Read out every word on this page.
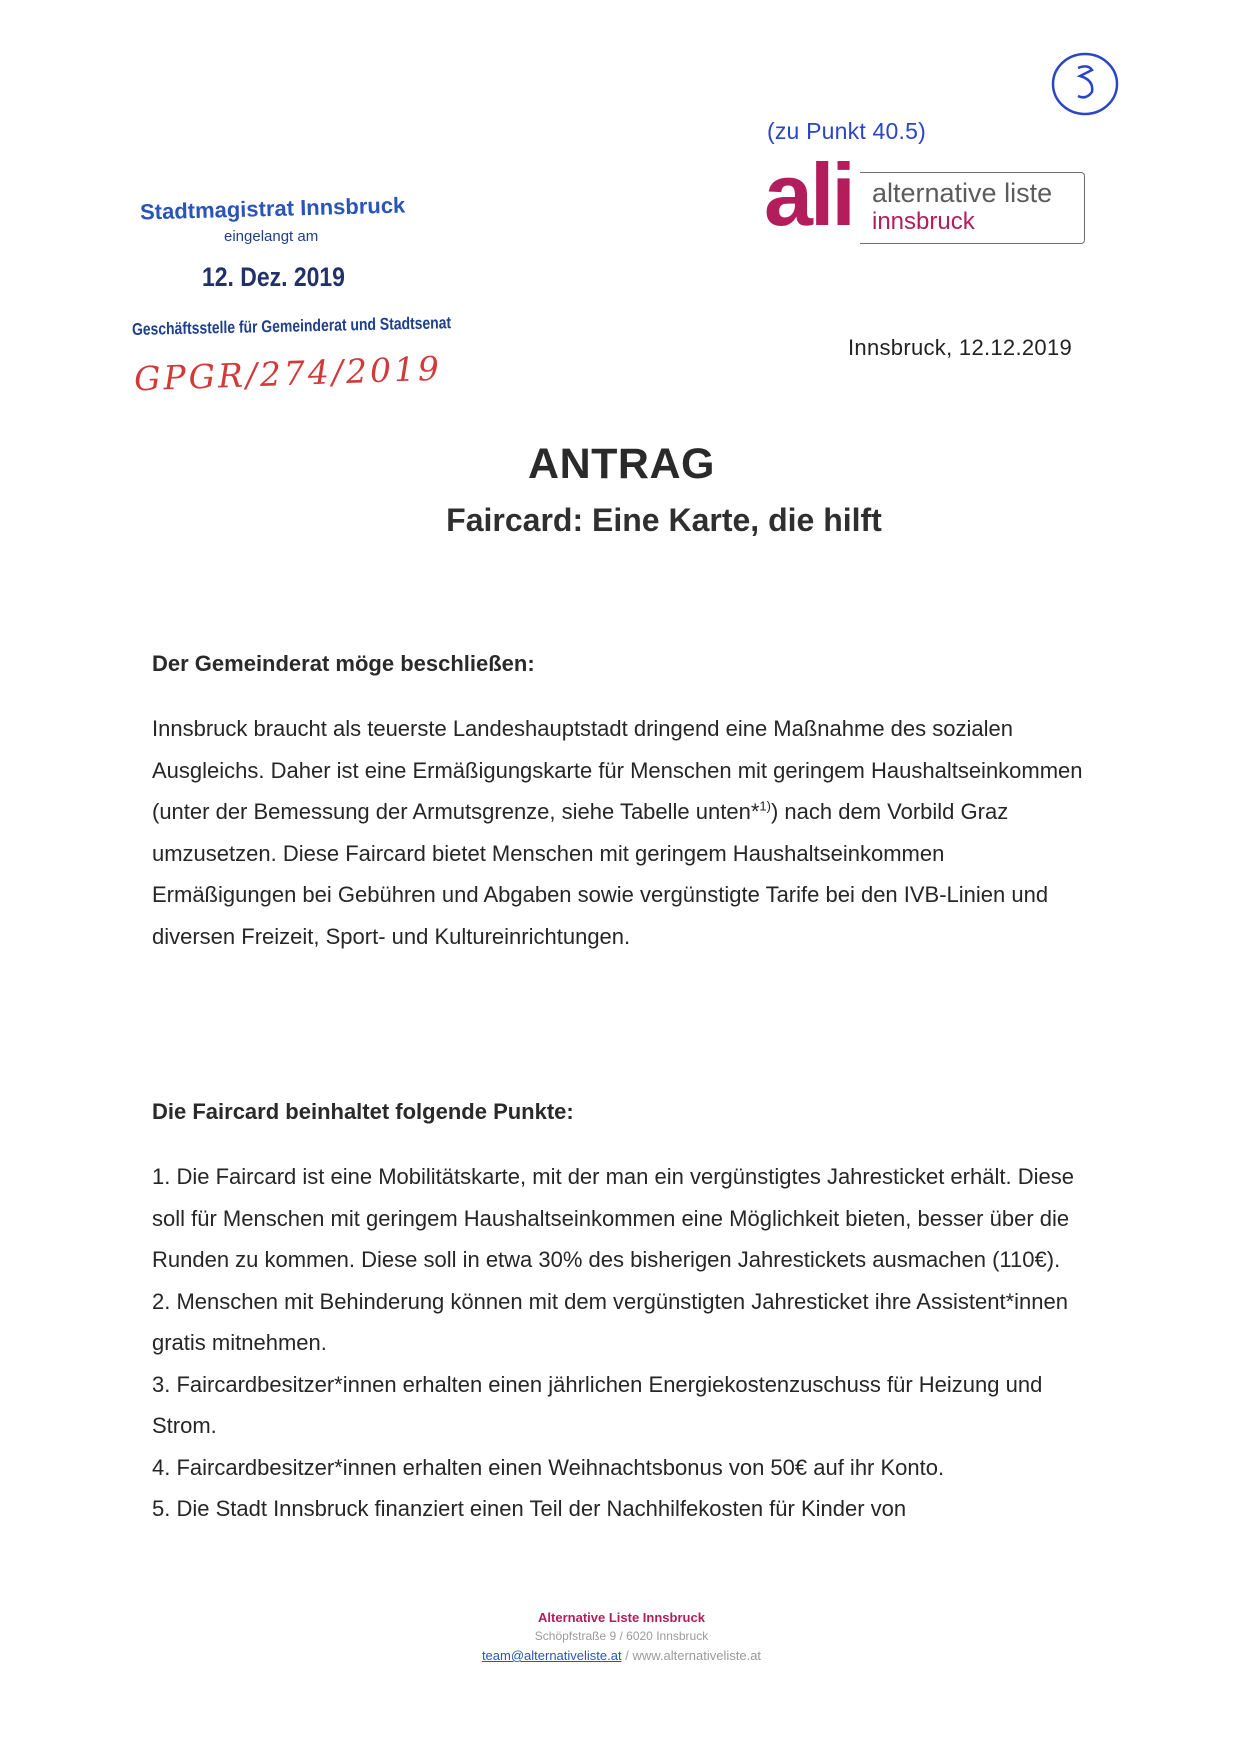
(zu Punkt 40.5)
ali alternative liste
innsbruck
Stadtmagistrat Innsbruck
eingelangt am
12. Dez. 2019
Geschäftsstelle für Gemeinderat und Stadtsenat
GPGR/274/2019
Innsbruck, 12.12.2019
ANTRAG
Faircard: Eine Karte, die hilft
Der Gemeinderat möge beschließen:
Innsbruck braucht als teuerste Landeshauptstadt dringend eine Maßnahme des sozialen Ausgleichs. Daher ist eine Ermäßigungskarte für Menschen mit geringem Haushaltseinkommen (unter der Bemessung der Armutsgrenze, siehe Tabelle unten*$^{1)}$) nach dem Vorbild Graz umzusetzen. Diese Faircard bietet Menschen mit geringem Haushaltseinkommen Ermäßigungen bei Gebühren und Abgaben sowie vergünstigte Tarife bei den IVB-Linien und diversen Freizeit, Sport- und Kultureinrichtungen.
Die Faircard beinhaltet folgende Punkte:

1. Die Faircard ist eine Mobilitätskarte, mit der man ein vergünstigtes Jahresticket erhält. Diese soll für Menschen mit geringem Haushaltseinkommen eine Möglichkeit bieten, besser über die Runden zu kommen. Diese soll in etwa 30% des bisherigen Jahrestickets ausmachen (110€).

2. Menschen mit Behinderung können mit dem vergünstigten Jahresticket ihre Assistent*innen gratis mitnehmen.

3. Faircardbesitzer*innen erhalten einen jährlichen Energiekostenzuschuss für Heizung und Strom.

4. Faircardbesitzer*innen erhalten einen Weihnachtsbonus von 50€ auf ihr Konto.

5. Die Stadt Innsbruck finanziert einen Teil der Nachhilfekosten für Kinder von

Alternative Liste Innsbruck
Schöpfstraße 9 / 6020 Innsbruck
team@alternativeliste.at / www.alternativeliste.at
